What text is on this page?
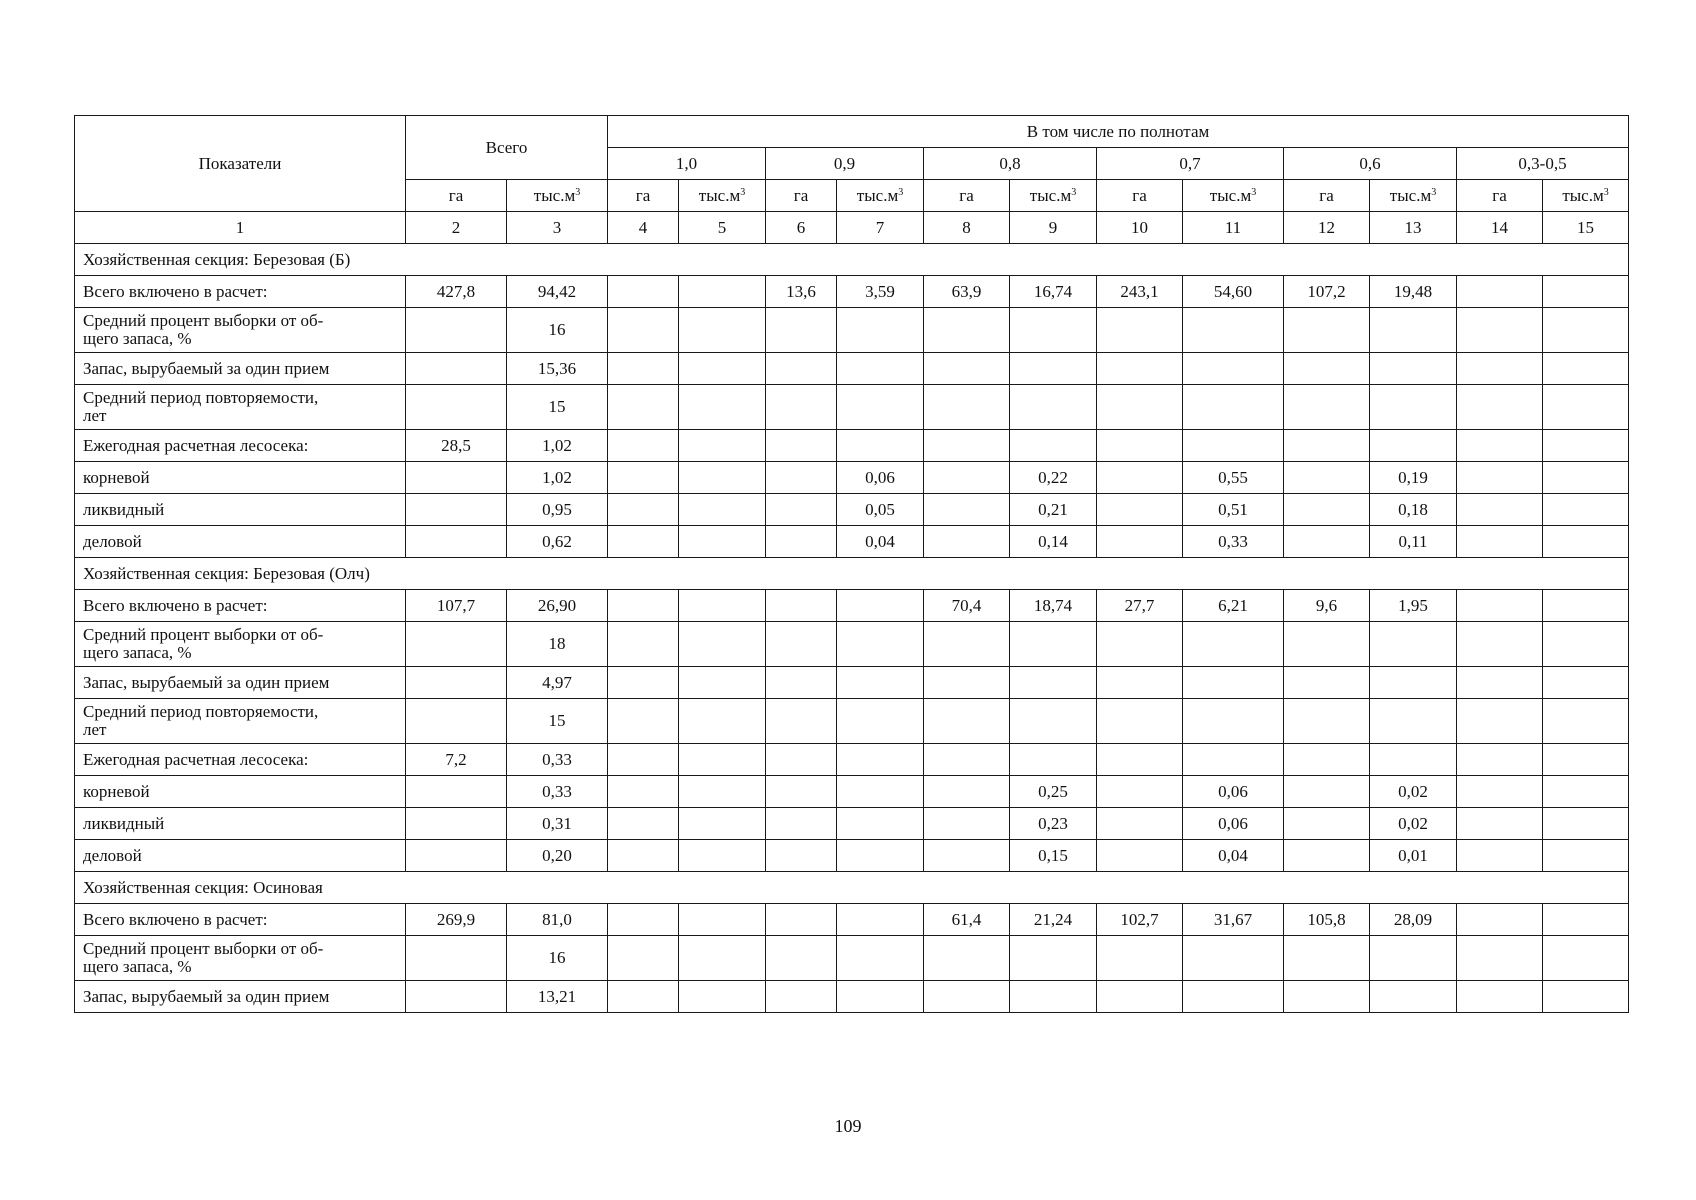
Показатели	Всего		В том числе по полнотам											
			1,0		0,9		0,8		0,7		0,6		0,3-0,5	
	га	$тыс.м^3$	га	$тыс.м^3$	га	$тыс.м^3$	га	$тыс.м^3$	га	$тыс.м^3$	га	$тыс.м^3$	га	$тыс.м^3$
1	2	3	4	5	6	7	8	9	10	11	12	13	14	15
Хозяйственная секция: Березовая (Б)														
Всего включено в расчет:	427,8	94,42			13,6	3,59	63,9	16,74	243,1	54,60	107,2	19,48		
Средний процент выборки от об-
щего запаса, %		16												
Запас, вырубаемый за один прием		15,36												
Средний период повторяемости,
лет		15												
Ежегодная расчетная лесосека:	28,5	1,02												
корневой		1,02				0,06		0,22		0,55		0,19		
ликвидный		0,95				0,05		0,21		0,51		0,18		
деловой		0,62				0,04		0,14		0,33		0,11		
Хозяйственная секция: Березовая (Олч)														
Всего включено в расчет:	107,7	26,90					70,4	18,74	27,7	6,21	9,6	1,95		
Средний процент выборки от об-
щего запаса, %		18												
Запас, вырубаемый за один прием		4,97												
Средний период повторяемости,
лет		15												
Ежегодная расчетная лесосека:	7,2	0,33												
корневой		0,33						0,25		0,06		0,02		
ликвидный		0,31						0,23		0,06		0,02		
деловой		0,20						0,15		0,04		0,01		
Хозяйственная секция: Осиновая														
Всего включено в расчет:	269,9	81,0					61,4	21,24	102,7	31,67	105,8	28,09		
Средний процент выборки от об-
щего запаса, %		16												
Запас, вырубаемый за один прием		13,21												
109
